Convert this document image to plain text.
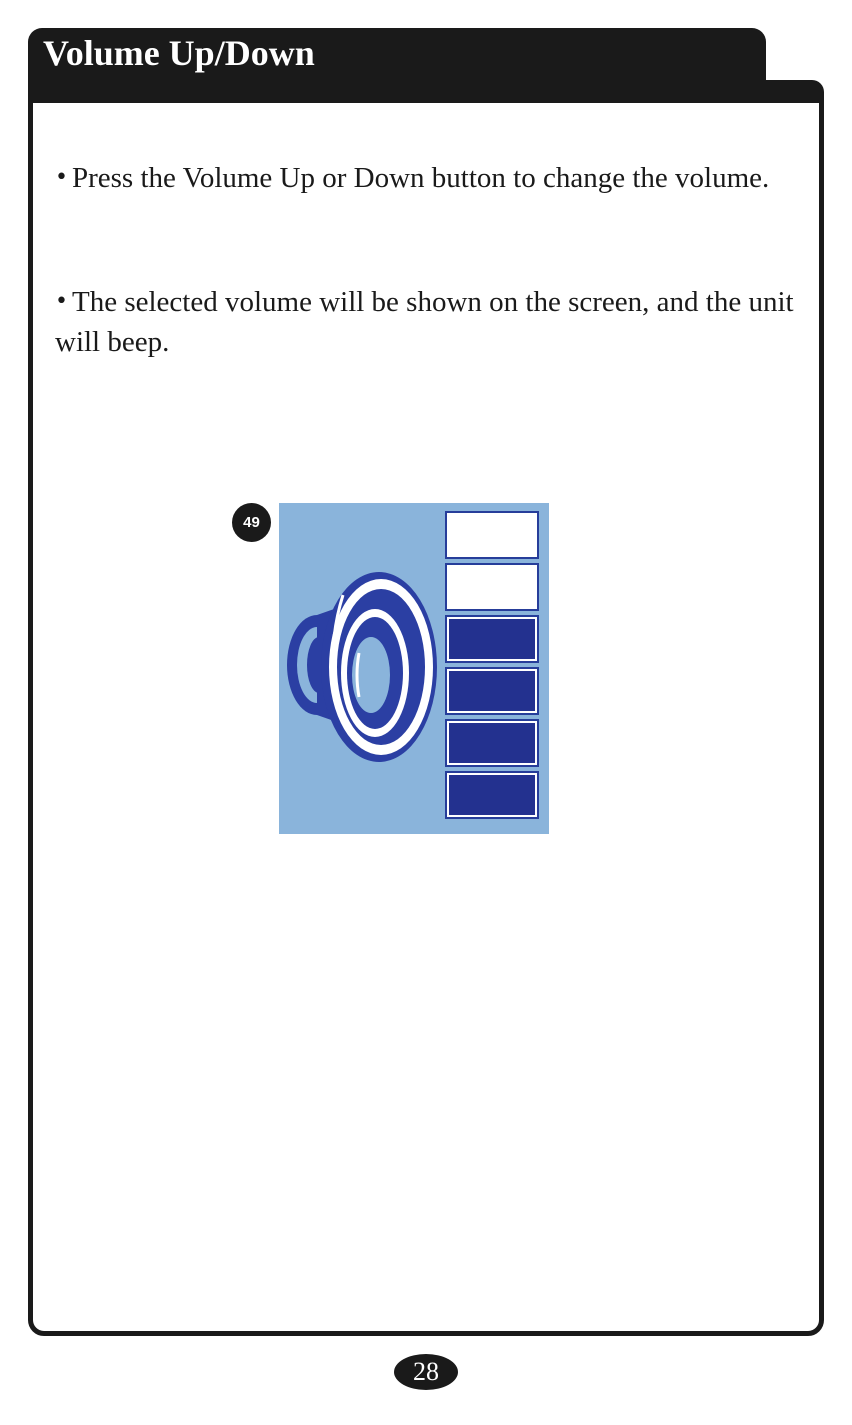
Volume Up/Down

• Press the Volume Up or Down button to change the volume.

• The selected volume will be shown on the screen, and the unit will beep.

49
28
